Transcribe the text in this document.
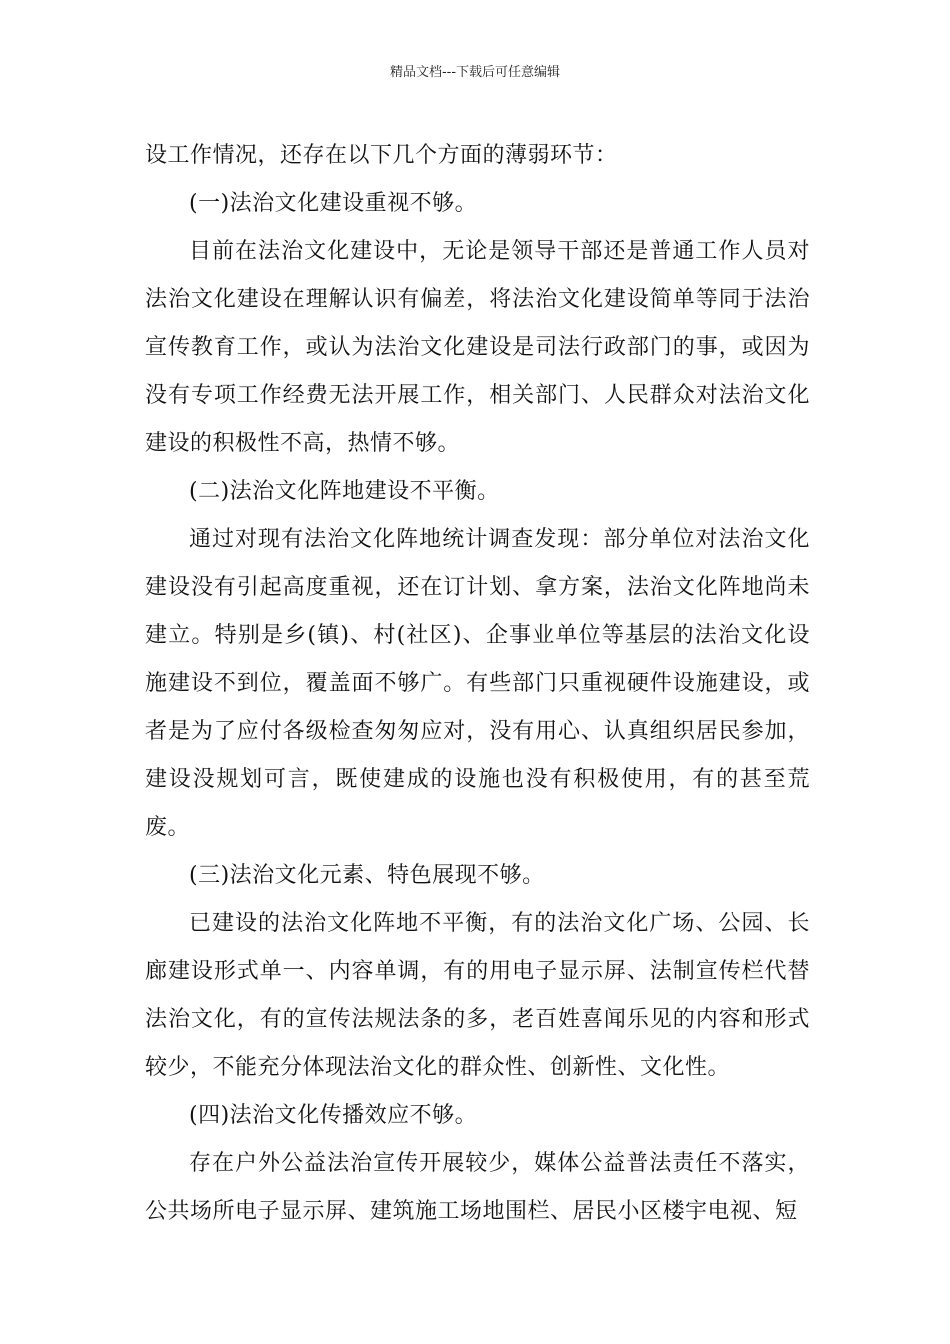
精品文档---下载后可任意编辑

设工作情况，还存在以下几个方面的薄弱环节：

(一)法治文化建设重视不够。

目前在法治文化建设中，无论是领导干部还是普通工作人员对法治文化建设在理解认识有偏差，将法治文化建设简单等同于法治宣传教育工作，或认为法治文化建设是司法行政部门的事，或因为没有专项工作经费无法开展工作，相关部门、人民群众对法治文化建设的积极性不高，热情不够。

(二)法治文化阵地建设不平衡。

通过对现有法治文化阵地统计调查发现：部分单位对法治文化建设没有引起高度重视，还在订计划、拿方案，法治文化阵地尚未建立。特别是乡(镇)、村(社区)、企事业单位等基层的法治文化设施建设不到位，覆盖面不够广。有些部门只重视硬件设施建设，或者是为了应付各级检查匆匆应对，没有用心、认真组织居民参加，建设没规划可言，既使建成的设施也没有积极使用，有的甚至荒废。

(三)法治文化元素、特色展现不够。

已建设的法治文化阵地不平衡，有的法治文化广场、公园、长廊建设形式单一、内容单调，有的用电子显示屏、法制宣传栏代替法治文化，有的宣传法规法条的多，老百姓喜闻乐见的内容和形式较少，不能充分体现法治文化的群众性、创新性、文化性。

(四)法治文化传播效应不够。

存在户外公益法治宣传开展较少，媒体公益普法责任不落实，公共场所电子显示屏、建筑施工场地围栏、居民小区楼宇电视、短
